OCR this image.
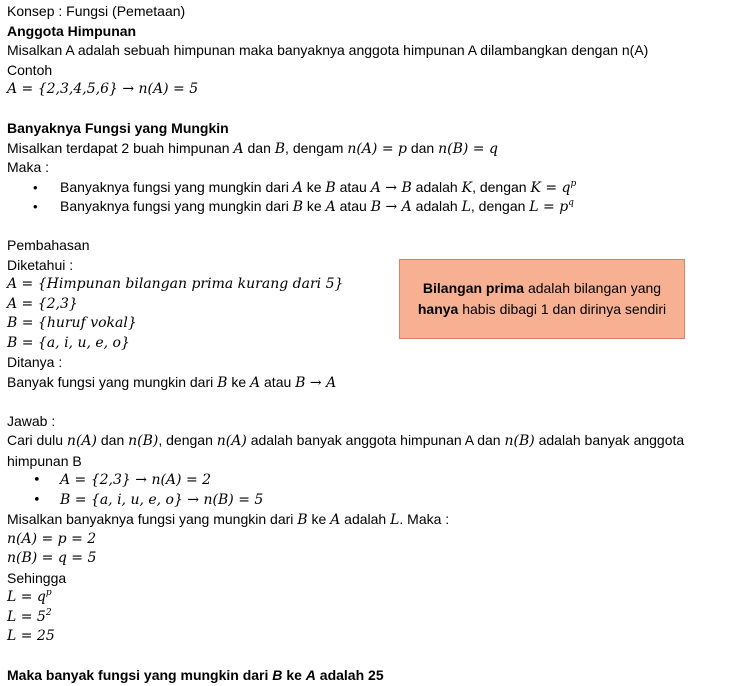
Konsep : Fungsi (Pemetaan)
Anggota Himpunan
Misalkan A adalah sebuah himpunan maka banyaknya anggota himpunan A dilambangkan dengan n(A)
Contoh
A = {2,3,4,5,6} → n(A) = 5
Banyaknya Fungsi yang Mungkin
Misalkan terdapat 2 buah himpunan A dan B, dengam n(A) = p dan n(B) = q
Maka :
• Banyaknya fungsi yang mungkin dari A ke B atau A → B adalah K, dengan $K = q^p$
• Banyaknya fungsi yang mungkin dari B ke A atau B → A adalah L, dengan $L = p^q$
Pembahasan
Diketahui :
A = {Himpunan bilangan prima kurang dari 5}
A = {2,3}
B = {huruf vokal}
B = {a, i, u, e, o}
Ditanya :
Banyak fungsi yang mungkin dari B ke A atau B → A
Jawab :
Cari dulu n(A) dan n(B), dengan n(A) adalah banyak anggota himpunan A dan n(B) adalah banyak anggota himpunan B
• A = {2,3} → n(A) = 2
• B = {a, i, u, e, o} → n(B) = 5
Misalkan banyaknya fungsi yang mungkin dari B ke A adalah L. Maka :
n(A) = p = 2
n(B) = q = 5
Sehingga
$L = q^p$
$L = 5^2$
L = 25
Maka banyak fungsi yang mungkin dari B ke A adalah 25
Bilangan prima adalah bilangan yang hanya habis dibagi 1 dan dirinya sendiri
